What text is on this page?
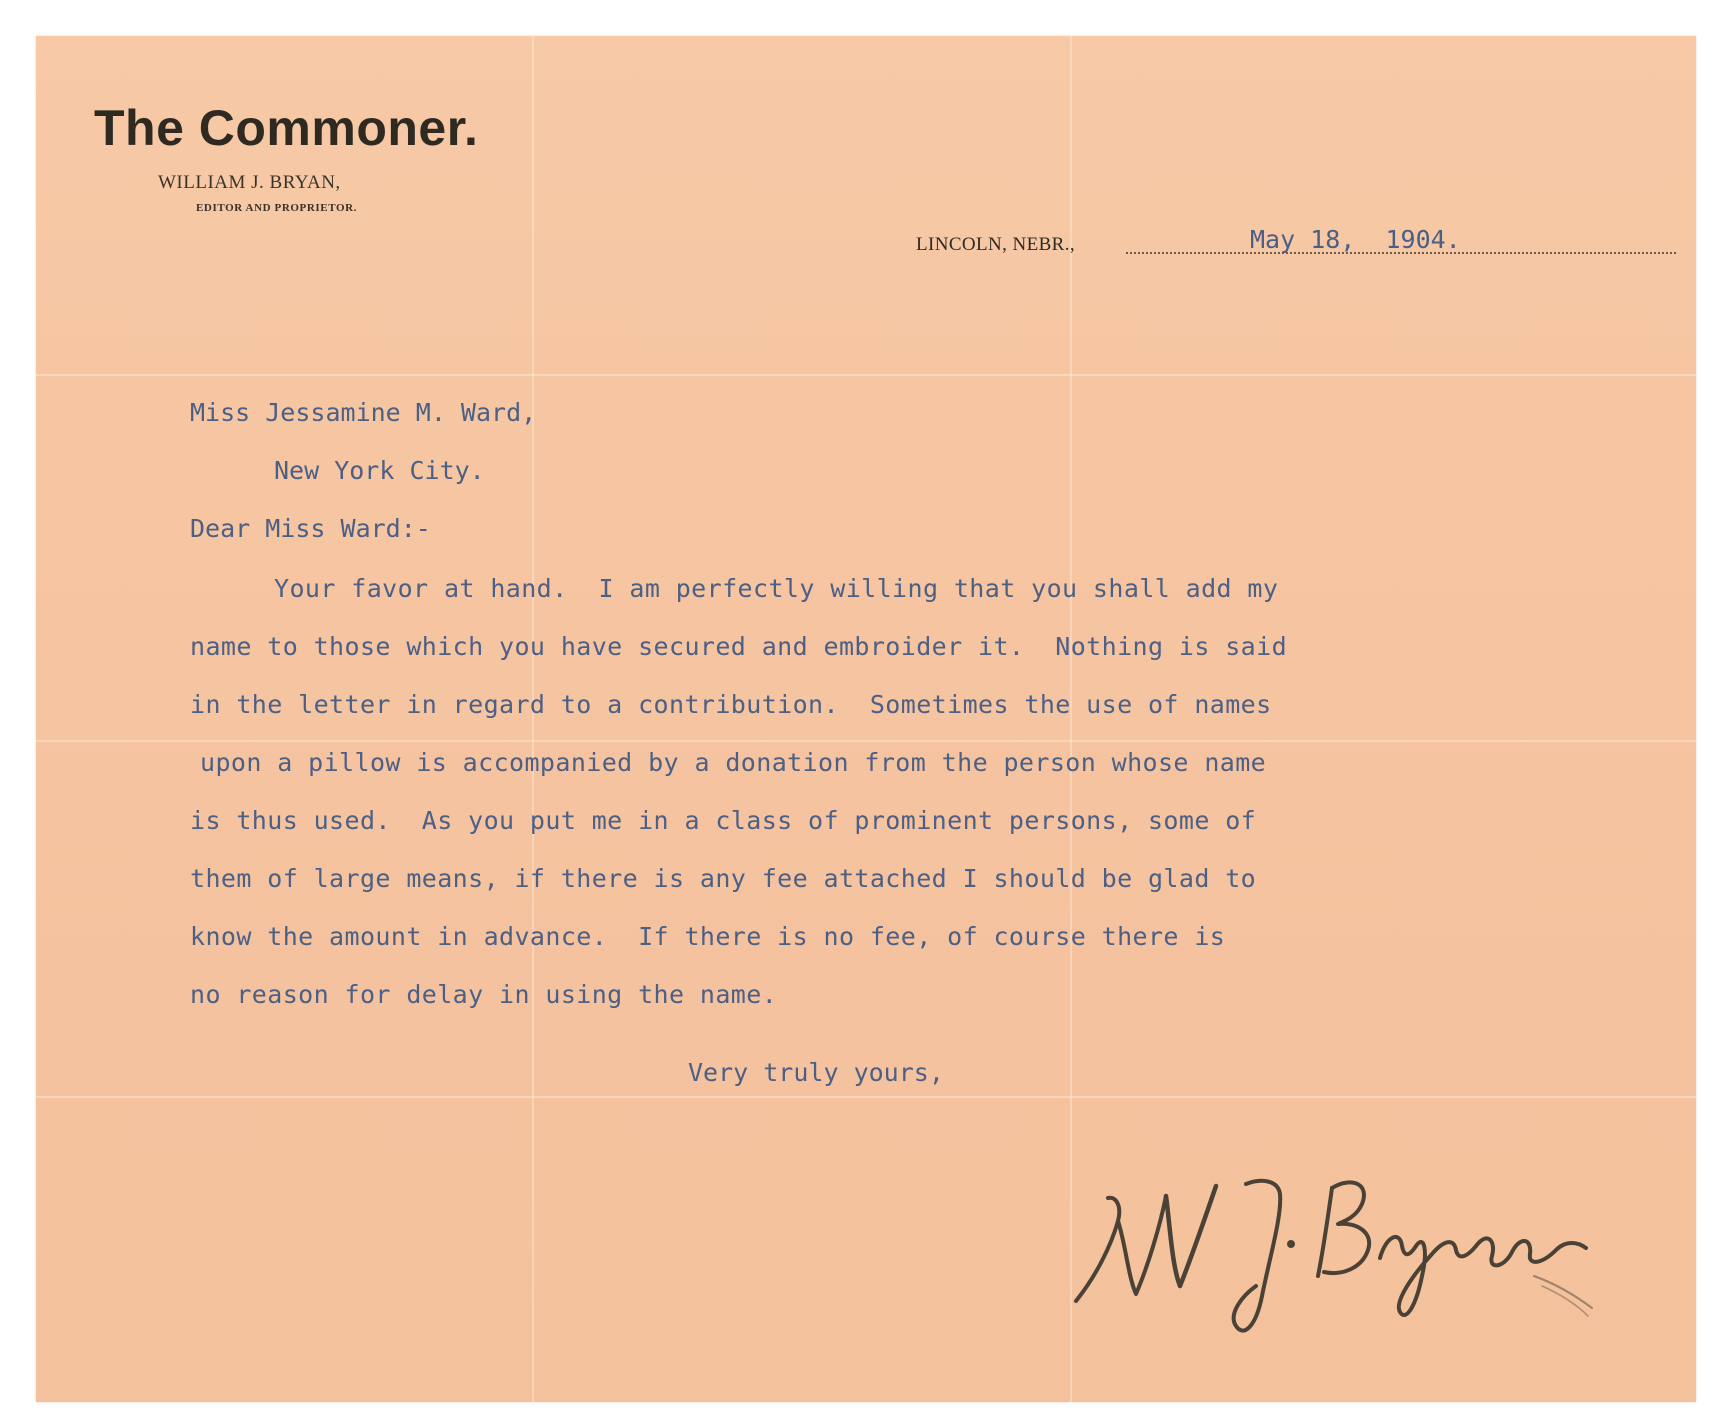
The Commoner.
WILLIAM J. BRYAN,
EDITOR AND PROPRIETOR.
LINCOLN, NEBR.,	May 18,  1904.

Miss Jessamine M. Ward,

New York City.

Dear Miss Ward:-

Your favor at hand.  I am perfectly willing that you shall add my

name to those which you have secured and embroider it.  Nothing is said

in the letter in regard to a contribution.  Sometimes the use of names

upon a pillow is accompanied by a donation from the person whose name

is thus used.  As you put me in a class of prominent persons, some of

them of large means, if there is any fee attached I should be glad to

know the amount in advance.  If there is no fee, of course there is

no reason for delay in using the name.

Very truly yours,
